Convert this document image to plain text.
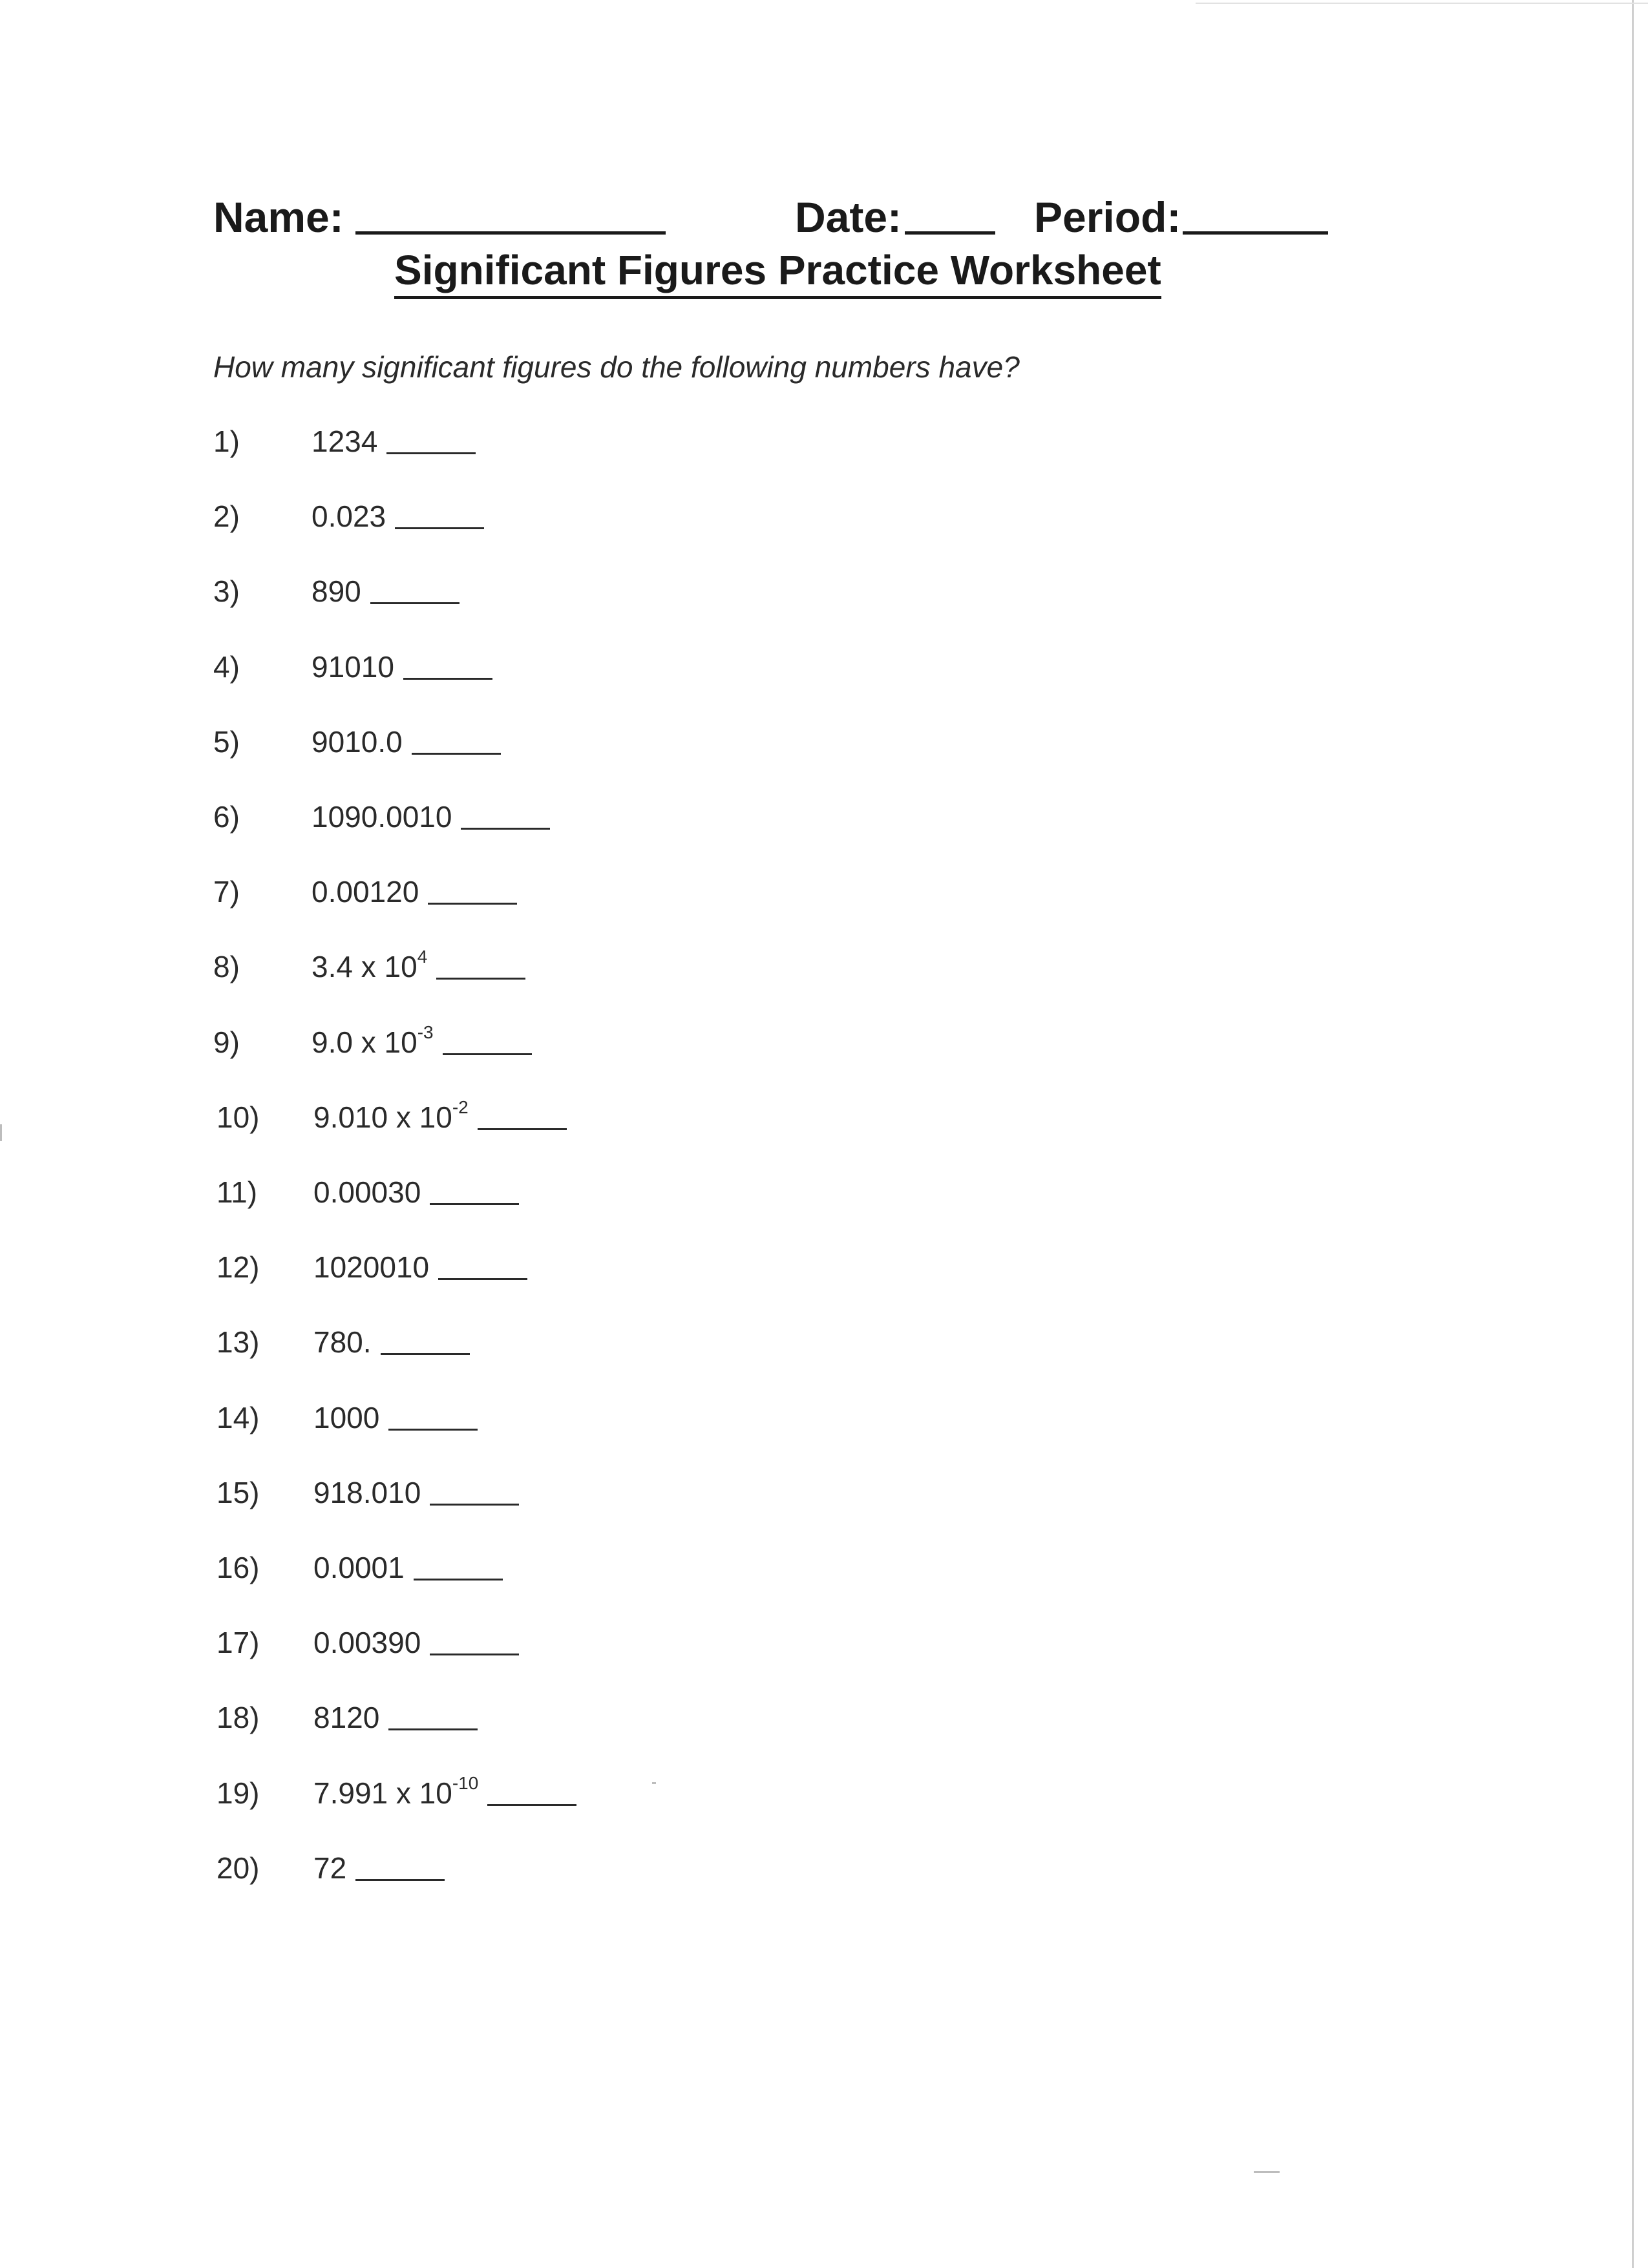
Name:	Date:	Period:
Significant Figures Practice Worksheet
How many significant figures do the following numbers have?
1) 1234
2) 0.023
3) 890
4) 91010
5) 9010.0
6) 1090.0010
7) 0.00120
8) 3.4 x $10^4$
9) 9.0 x $10^{-3}$
10) 9.010 x $10^{-2}$
11) 0.00030
12) 1020010
13) 780.
14) 1000
15) 918.010
16) 0.0001
17) 0.00390
18) 8120
19) 7.991 x $10^{-10}$
20) 72
